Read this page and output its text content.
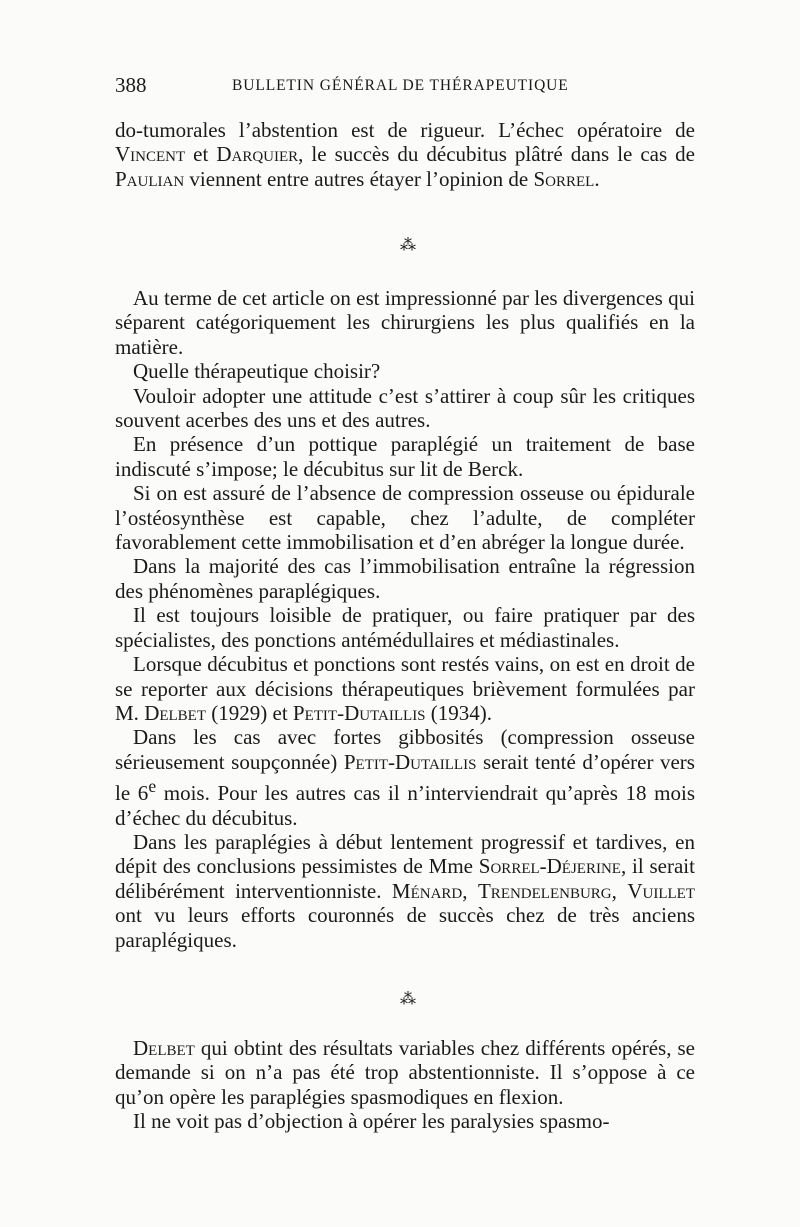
388	BULLETIN GÉNÉRAL DE THÉRAPEUTIQUE

do-tumorales l’abstention est de rigueur. L’échec opératoire de Vincent et Darquier, le succès du décubitus plâtré dans le cas de Paulian viennent entre autres étayer l’opinion de Sorrel.

⁂

Au terme de cet article on est impressionné par les divergences qui séparent catégoriquement les chirurgiens les plus qualifiés en la matière.

Quelle thérapeutique choisir?

Vouloir adopter une attitude c’est s’attirer à coup sûr les critiques souvent acerbes des uns et des autres.

En présence d’un pottique paraplégié un traitement de base indiscuté s’impose; le décubitus sur lit de Berck.

Si on est assuré de l’absence de compression osseuse ou épidurale l’ostéosynthèse est capable, chez l’adulte, de compléter favorablement cette immobilisation et d’en abréger la longue durée.

Dans la majorité des cas l’immobilisation entraîne la régression des phénomènes paraplégiques.

Il est toujours loisible de pratiquer, ou faire pratiquer par des spécialistes, des ponctions antémédullaires et médiastinales.

Lorsque décubitus et ponctions sont restés vains, on est en droit de se reporter aux décisions thérapeutiques brièvement formulées par M. Delbet (1929) et Petit-Dutaillis (1934).

Dans les cas avec fortes gibbosités (compression osseuse sérieusement soupçonnée) Petit-Dutaillis serait tenté d’opérer vers le 6e mois. Pour les autres cas il n’interviendrait qu’après 18 mois d’échec du décubitus.

Dans les paraplégies à début lentement progressif et tardives, en dépit des conclusions pessimistes de Mme Sorrel-Déjerine, il serait délibérément interventionniste. Ménard, Trendelenburg, Vuillet ont vu leurs efforts couronnés de succès chez de très anciens paraplégiques.

⁂

Delbet qui obtint des résultats variables chez différents opérés, se demande si on n’a pas été trop abstentionniste. Il s’oppose à ce qu’on opère les paraplégies spasmodiques en flexion.

Il ne voit pas d’objection à opérer les paralysies spasmo-
